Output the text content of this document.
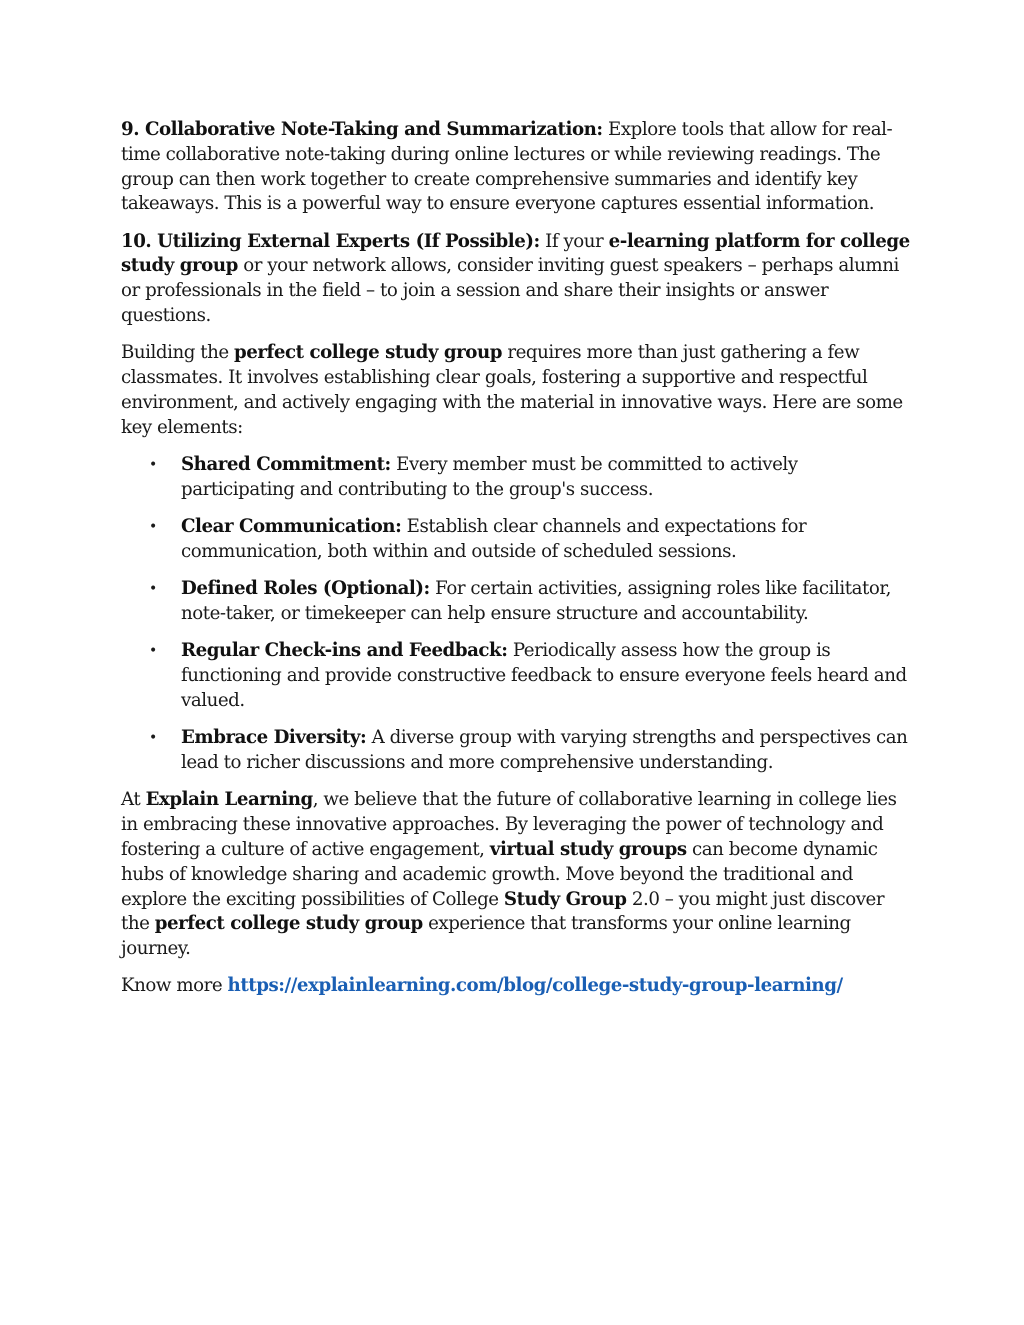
9. Collaborative Note-Taking and Summarization: Explore tools that allow for real-time collaborative note-taking during online lectures or while reviewing readings. The group can then work together to create comprehensive summaries and identify key takeaways. This is a powerful way to ensure everyone captures essential information.

10. Utilizing External Experts (If Possible): If your e-learning platform for college study group or your network allows, consider inviting guest speakers – perhaps alumni or professionals in the field – to join a session and share their insights or answer questions.

Building the perfect college study group requires more than just gathering a few classmates. It involves establishing clear goals, fostering a supportive and respectful environment, and actively engaging with the material in innovative ways. Here are some key elements:

• Shared Commitment: Every member must be committed to actively participating and contributing to the group's success.
• Clear Communication: Establish clear channels and expectations for communication, both within and outside of scheduled sessions.
• Defined Roles (Optional): For certain activities, assigning roles like facilitator, note-taker, or timekeeper can help ensure structure and accountability.
• Regular Check-ins and Feedback: Periodically assess how the group is functioning and provide constructive feedback to ensure everyone feels heard and valued.
• Embrace Diversity: A diverse group with varying strengths and perspectives can lead to richer discussions and more comprehensive understanding.

At Explain Learning, we believe that the future of collaborative learning in college lies in embracing these innovative approaches. By leveraging the power of technology and fostering a culture of active engagement, virtual study groups can become dynamic hubs of knowledge sharing and academic growth. Move beyond the traditional and explore the exciting possibilities of College Study Group 2.0 – you might just discover the perfect college study group experience that transforms your online learning journey.

Know more https://explainlearning.com/blog/college-study-group-learning/
